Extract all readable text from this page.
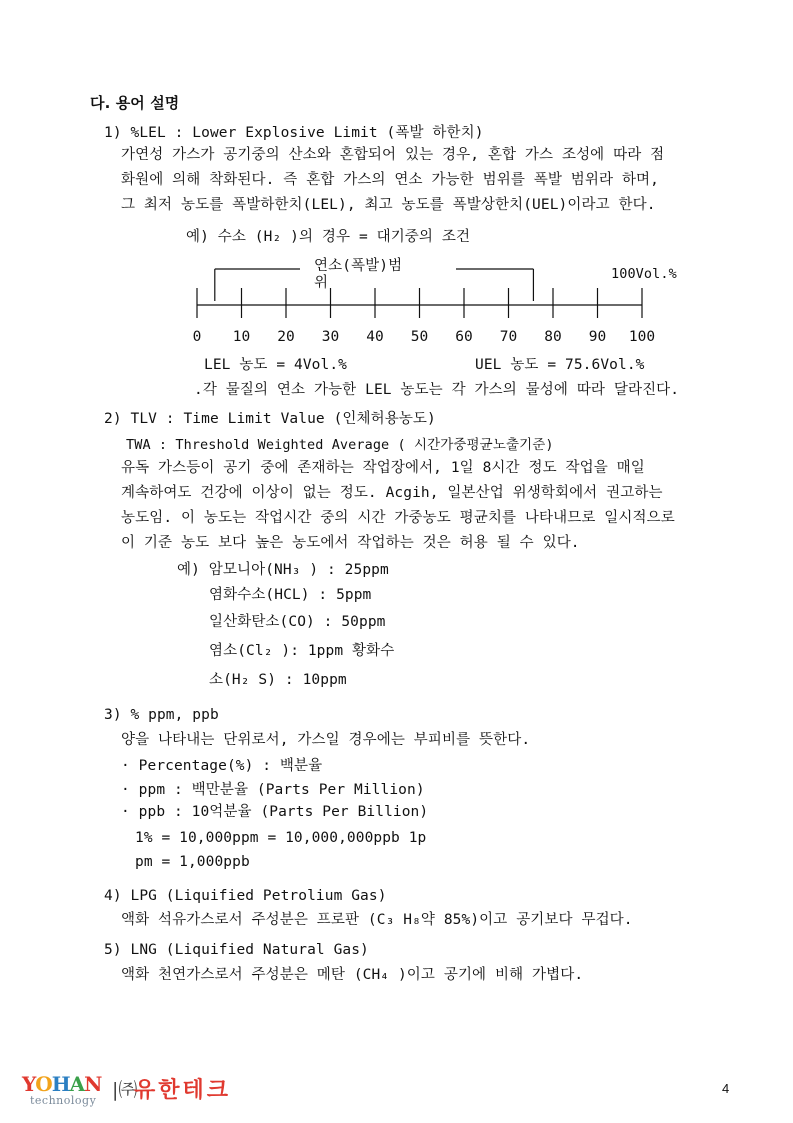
다. 용어 설명
1) %LEL : Lower Explosive Limit (폭발 하한치)
가연성 가스가 공기중의 산소와 혼합되어 있는 경우, 혼합 가스 조성에 따라 점
화원에 의해 착화된다. 즉 혼합 가스의 연소 가능한 범위를 폭발 범위라 하며,
그 최저 농도를 폭발하한치(LEL), 최고 농도를 폭발상한치(UEL)이라고 한다.
예) 수소 (H₂ )의 경우 = 대기중의 조건
연소(폭발)범
위
100Vol.%
0 10 20 30 40 50 60 70 80 90 100
LEL 농도 = 4Vol.%	UEL 농도 = 75.6Vol.%
.각 물질의 연소 가능한 LEL 농도는 각 가스의 물성에 따라 달라진다.
2) TLV : Time Limit Value (인체허용농도)
TWA : Threshold Weighted Average ( 시간가중평균노출기준)
유독 가스등이 공기 중에 존재하는 작업장에서, 1일 8시간 정도 작업을 매일
계속하여도 건강에 이상이 없는 정도. Acgih, 일본산업 위생학회에서 권고하는
농도임. 이 농도는 작업시간 중의 시간 가중농도 평균치를 나타내므로 일시적으로
이 기준 농도 보다 높은 농도에서 작업하는 것은 허용 될 수 있다.
예) 암모니아(NH₃ ) : 25ppm
염화수소(HCL) : 5ppm
일산화탄소(CO) : 50ppm
염소(Cl₂ ): 1ppm 황화수
소(H₂ S) : 10ppm
3) % ppm, ppb
양을 나타내는 단위로서, 가스일 경우에는 부피비를 뜻한다.
· Percentage(%) : 백분율
· ppm : 백만분율 (Parts Per Million)
· ppb : 10억분율 (Parts Per Billion)
1% = 10,000ppm = 10,000,000ppb 1p
pm = 1,000ppb
4) LPG (Liquified Petrolium Gas)
액화 석유가스로서 주성분은 프로판 (C₃ H₈약 85%)이고 공기보다 무겁다.
5) LNG (Liquified Natural Gas)
액화 천연가스로서 주성분은 메탄 (CH₄ )이고 공기에 비해 가볍다.
YOHAN
technology |㈜
유한테크	4
